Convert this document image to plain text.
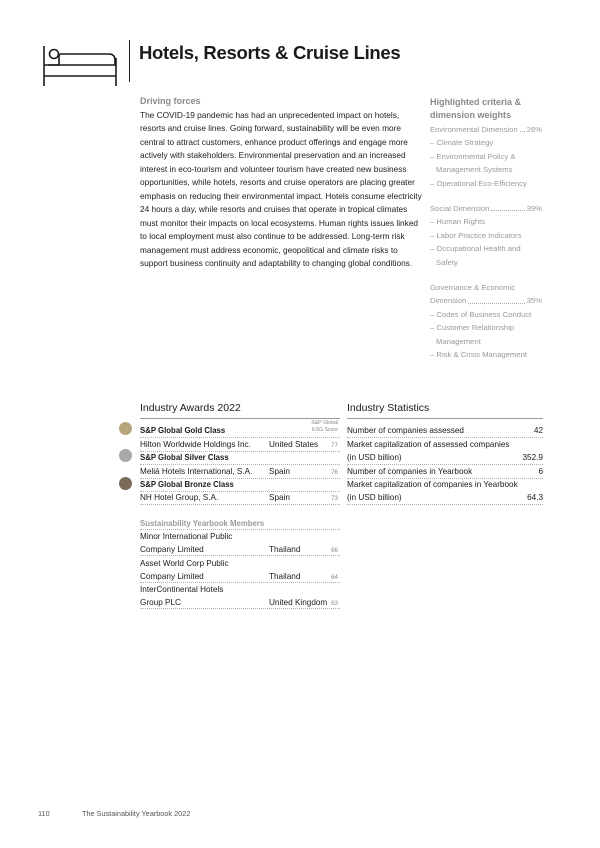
Hotels, Resorts & Cruise Lines
Driving forces
The COVID-19 pandemic has had an unprecedented impact on hotels, resorts and cruise lines. Going forward, sustainability will be even more central to attract customers, enhance product offerings and engage more actively with stakeholders. Environmental preservation and an increased interest in eco-tourism and volunteer tourism have created new business opportunities, while hotels, resorts and cruise operators are placing greater emphasis on reducing their environmental impact. Hotels consume electricity 24 hours a day, while resorts and cruises that operate in tropical climates must monitor their impacts on local ecosystems. Human rights issues linked to local employment must also continue to be addressed. Long-term risk management must address economic, geopolitical and climate risks to support business continuity and adaptability to changing global conditions.
Highlighted criteria & dimension weights
Environmental Dimension 26%
– Climate Strategy
– Environmental Policy &
Management Systems
– Operational Eco-Efficiency
Social Dimension	39%
– Human Rights
– Labor Practice Indicators
– Occupational Health and
Safety
Governance & Economic
Dimension	35%
– Codes of Business Conduct
– Customer Relationship
Management
– Risk & Crisis Management
Industry Awards 2022
S&P Global
ESG Score
S&P Global Gold Class
Hilton Worldwide Holdings Inc. United States 77
S&P Global Silver Class
Meliá Hotels International, S.A. Spain	76
S&P Global Bronze Class
NH Hotel Group, S.A.	Spain	73
Sustainability Yearbook Members
Minor International Public
Company Limited	Thailand	66
Asset World Corp Public
Company Limited	Thailand	64
InterContinental Hotels
Group PLC	United Kingdom 63
Industry Statistics
Number of companies assessed	42
Market capitalization of assessed companies
(in USD billion)	352.9
Number of companies in Yearbook	6
Market capitalization of companies in Yearbook
(in USD billion)	64.3
110	The Sustainability Yearbook 2022
